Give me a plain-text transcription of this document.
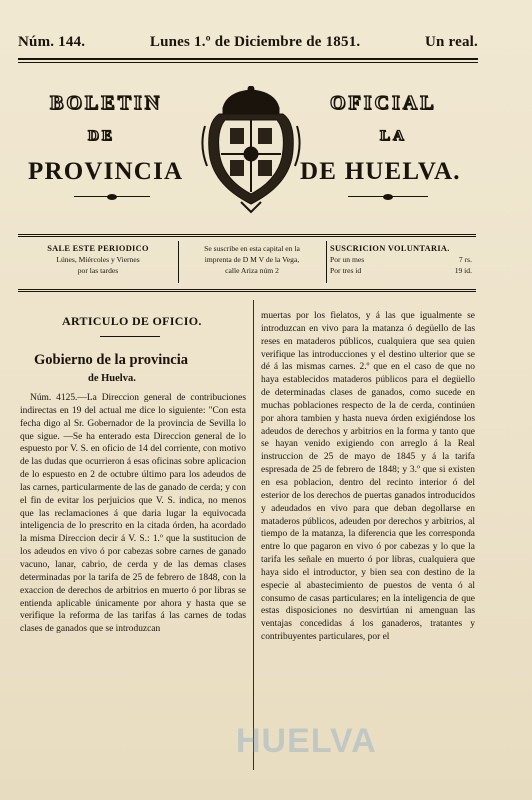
Núm. 144.	Lunes 1.º de Diciembre de 1851.	Un real.
BOLETIN	OFICIAL
DE	LA
PROVINCIA	DE HUELVA.
SALE ESTE PERIODICO
Lúnes, Miércoles y Viernes
por las tardes
Se suscribe en esta capital en la
imprenta de D M V de la Vega,
calle Ariza núm 2
SUSCRICION VOLUNTARIA.
Por un mes	7 rs.
Por tres id	19 id.
ARTICULO DE OFICIO.
Gobierno de la provincia
de Huelva.

Núm. 4125.—La Direccion general de contribuciones indirectas en 19 del actual me dice lo siguiente: "Con esta fecha digo al Sr. Gobernador de la provincia de Sevilla lo que sigue. —Se ha enterado esta Direccion general de lo espuesto por V. S. en oficio de 14 del corriente, con motivo de las dudas que ocurrieron á esas oficinas sobre aplicacion de lo espuesto en 2 de octubre último para los adeudos de las carnes, particularmente de las de ganado de cerda; y con el fin de evitar los perjuicios que V. S. indica, no menos que las reclamaciones á que daria lugar la equivocada inteligencia de lo prescrito en la citada órden, ha acordado la misma Direccion decir á V. S.: 1.º que la sustitucion de los adeudos en vivo ó por cabezas sobre carnes de ganado vacuno, lanar, cabrio, de cerda y de las demas clases determinadas por la tarifa de 25 de febrero de 1848, con la exaccion de derechos de arbitrios en muerto ó por libras se entienda aplicable únicamente por ahora y hasta que se verifique la reforma de las tarifas á las carnes de todas clases de ganados que se introduzcan

muertas por los fielatos, y á las que igualmente se introduzcan en vivo para la matanza ó degüello de las reses en mataderos públicos, cualquiera que sea quien verifique las introducciones y el destino ulterior que se dé á las mismas carnes. 2.º que en el caso de que no haya establecidos mataderos públicos para el degüello de determinadas clases de ganados, como sucede en muchas poblaciones respecto de la de cerda, continúen por ahora tambien y hasta nueva órden exigiéndose los adeudos de derechos y arbitrios en la forma y tanto que se hayan venido exigiendo con arreglo á la Real instruccion de 25 de mayo de 1845 y á la tarifa espresada de 25 de febrero de 1848; y 3.º que si existen en esa poblacion, dentro del recinto interior ó del esterior de los derechos de puertas ganados introducidos y adeudados en vivo para que deban degollarse en mataderos públicos, adeuden por derechos y arbitrios, al tiempo de la matanza, la diferencia que les corresponda entre lo que pagaron en vivo ó por cabezas y lo que la tarifa les señale en muerto ó por libras, cualquiera que haya sido el introductor, y bien sea con destino de la especie al abastecimiento de puestos de venta ó al consumo de casas particulares; en la inteligencia de que estas disposiciones no desvirtúan ni amenguan las ventajas concedidas á los ganaderos, tratantes y contribuyentes particulares, por el

HUELVA
